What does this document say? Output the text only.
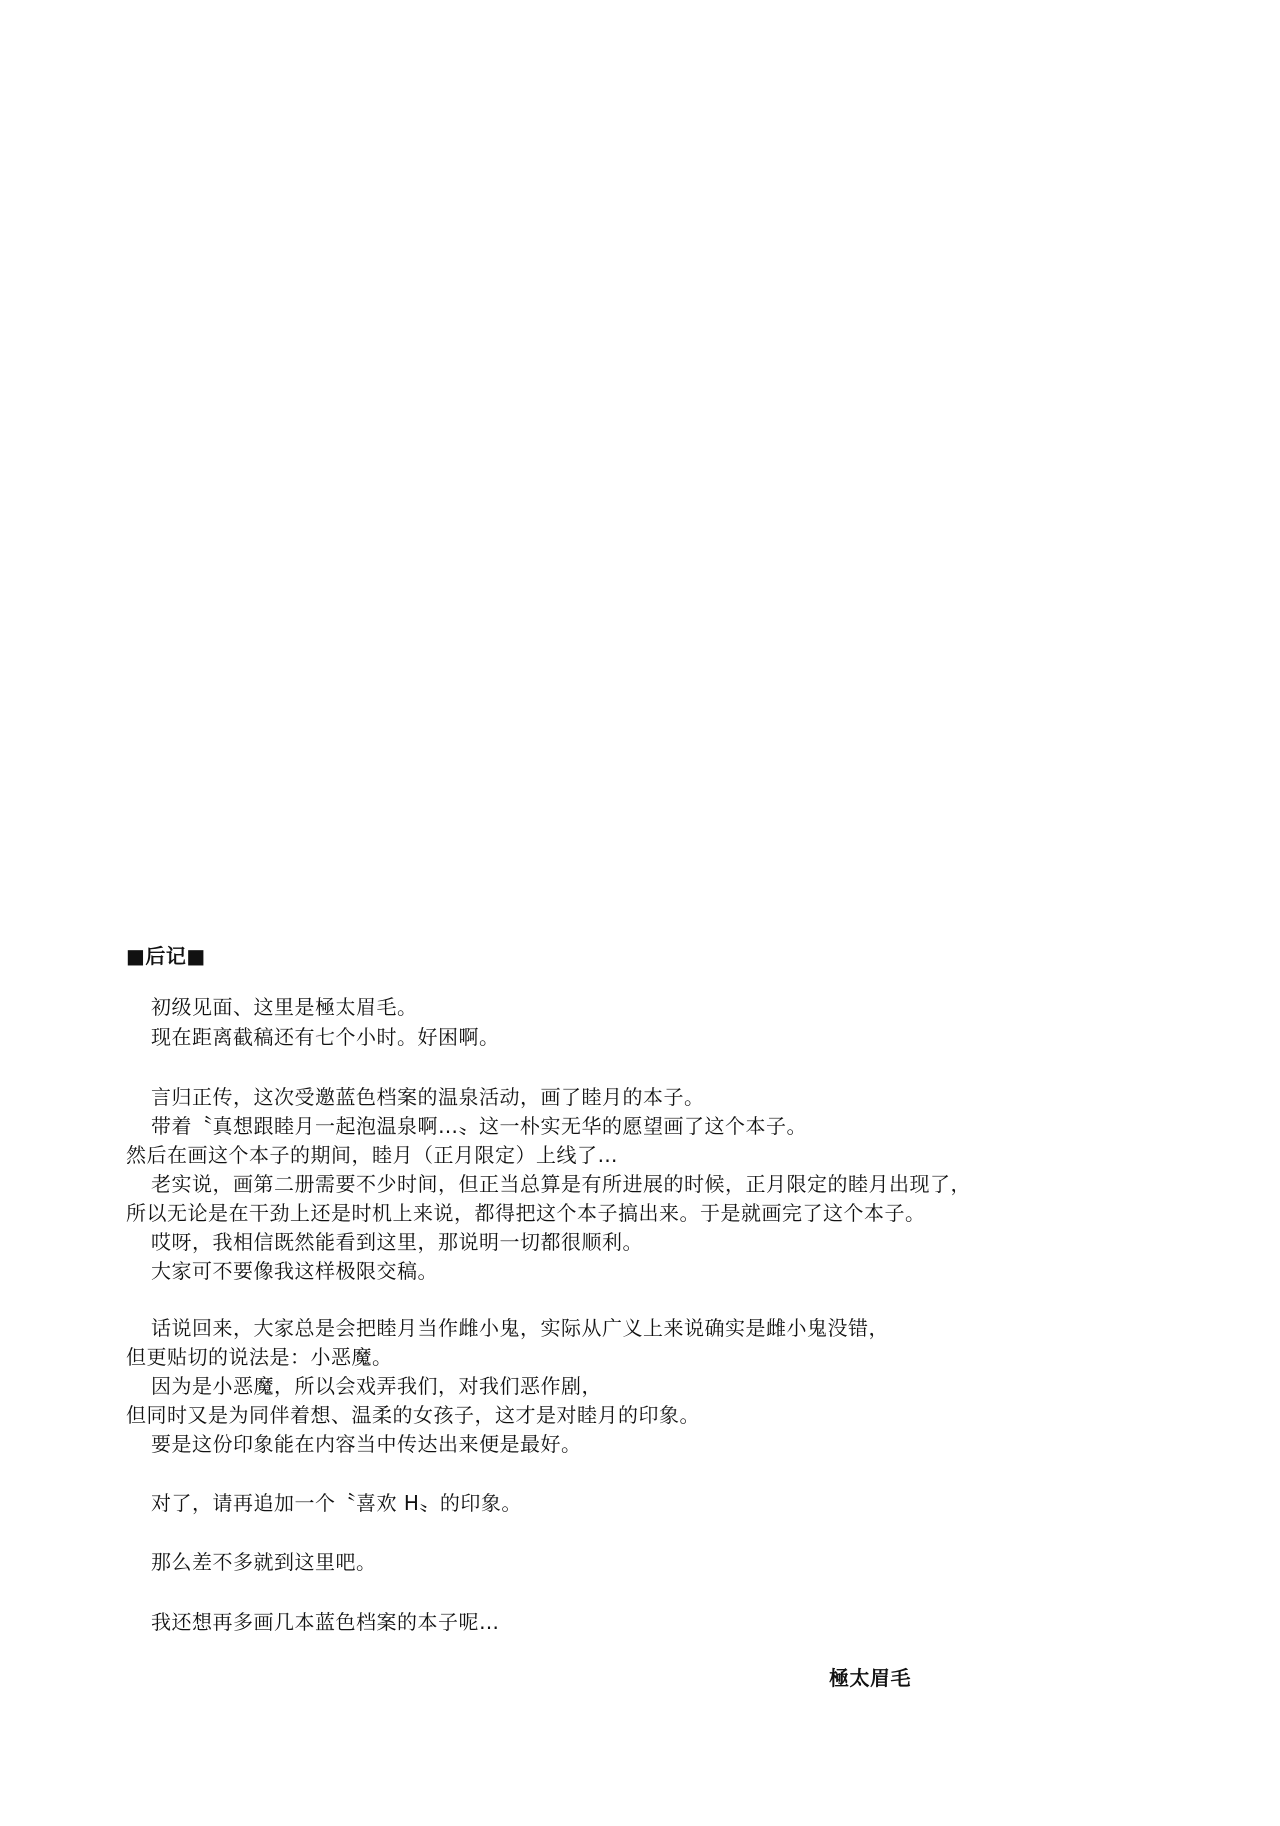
■后记■
初级见面、这里是極太眉毛。
现在距离截稿还有七个小时。好困啊。
言归正传，这次受邀蓝色档案的温泉活动，画了睦月的本子。
带着〝真想跟睦月一起泡温泉啊…〟这一朴实无华的愿望画了这个本子。
然后在画这个本子的期间，睦月（正月限定）上线了…
老实说，画第二册需要不少时间，但正当总算是有所进展的时候，正月限定的睦月出现了，
所以无论是在干劲上还是时机上来说，都得把这个本子搞出来。于是就画完了这个本子。
哎呀，我相信既然能看到这里，那说明一切都很顺利。
大家可不要像我这样极限交稿。
话说回来，大家总是会把睦月当作雌小鬼，实际从广义上来说确实是雌小鬼没错，
但更贴切的说法是：小恶魔。
因为是小恶魔，所以会戏弄我们，对我们恶作剧，
但同时又是为同伴着想、温柔的女孩子，这才是对睦月的印象。
要是这份印象能在内容当中传达出来便是最好。
对了，请再追加一个〝喜欢 H〟的印象。
那么差不多就到这里吧。
我还想再多画几本蓝色档案的本子呢…
極太眉毛
